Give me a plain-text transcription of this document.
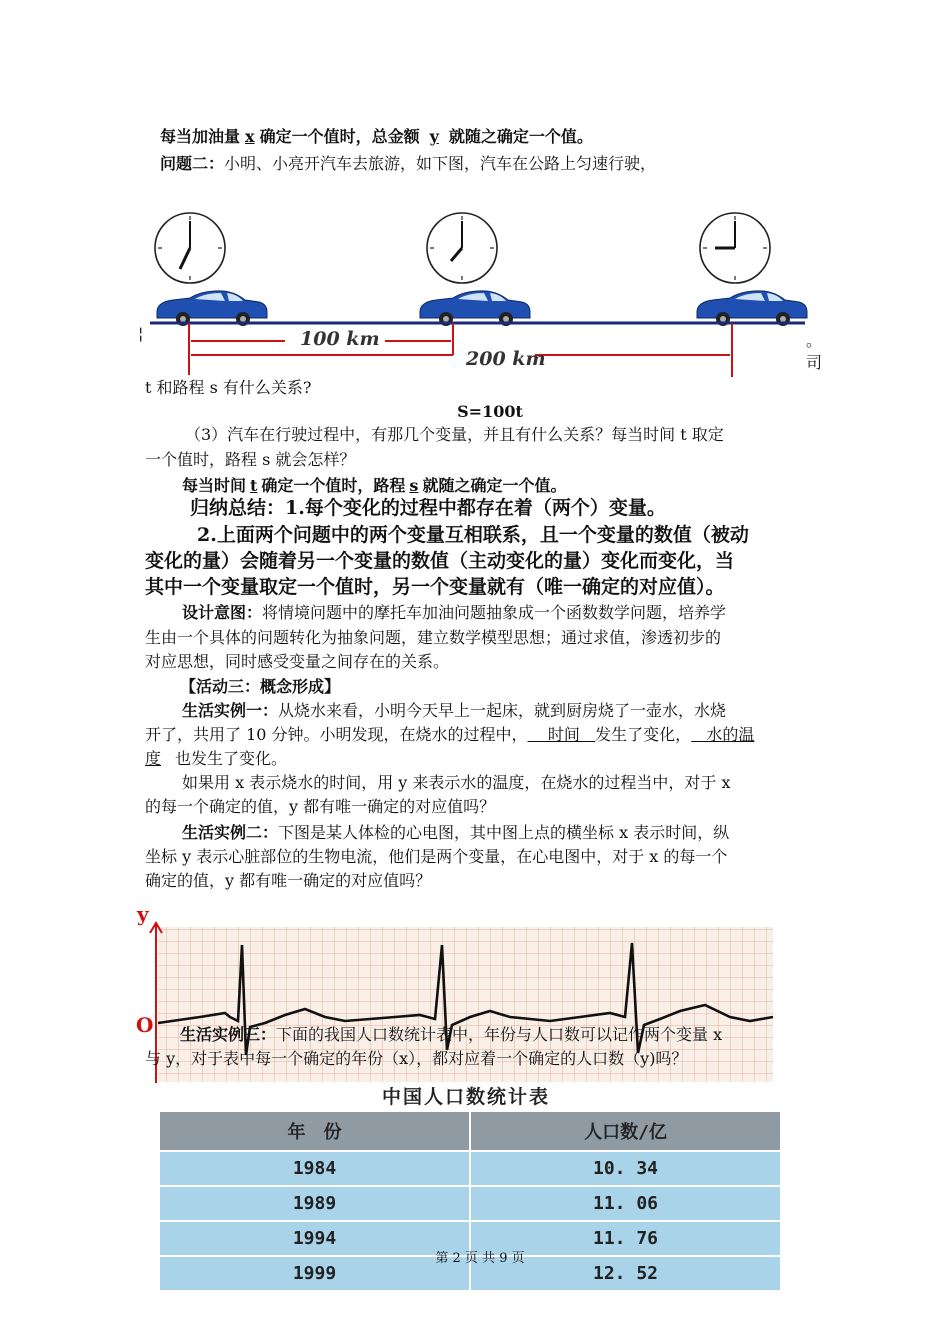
每当加油量 x 确定一个值时，总金额 y 就随之确定一个值。
问题二：小明、小亮开汽车去旅游，如下图，汽车在公路上匀速行驶，
100 km
200 km
¦	。
司
t 和路程 s 有什么关系?
S=100t
（3）汽车在行驶过程中，有那几个变量，并且有什么关系？每当时间 t 取定
一个值时，路程 s 就会怎样？
每当时间 t 确定一个值时，路程 s 就随之确定一个值。
归纳总结：1.每个变化的过程中都存在着（两个）变量。
2.上面两个问题中的两个变量互相联系，且一个变量的数值（被动
变化的量）会随着另一个变量的数值（主动变化的量）变化而变化，当
其中一个变量取定一个值时，另一个变量就有（唯一确定的对应值）。
设计意图：将情境问题中的摩托车加油问题抽象成一个函数数学问题，培养学
生由一个具体的问题转化为抽象问题，建立数学模型思想；通过求值，渗透初步的
对应思想，同时感受变量之间存在的关系。
【活动三：概念形成】
生活实例一：从烧水来看，小明今天早上一起床，就到厨房烧了一壶水，水烧
开了，共用了 10 分钟。小明发现，在烧水的过程中，    时间   发生了变化，   水的温
度 也发生了变化。
如果用 x 表示烧水的时间，用 y 来表示水的温度，在烧水的过程当中，对于 x
的每一个确定的值，y 都有唯一确定的对应值吗？
生活实例二：下图是某人体检的心电图，其中图上点的横坐标 x 表示时间，纵
坐标 y 表示心脏部位的生物电流，他们是两个变量，在心电图中，对于 x 的每一个
确定的值，y 都有唯一确定的对应值吗？
y
O 生活实例三：下面的我国人口数统计表中，年份与人口数可以记作两个变量 x
与 y，对于表中每一个确定的年份（x），都对应着一个确定的人口数（y)吗？
中国人口数统计表
年　份	人口数/亿
1984	10. 34
1989	11. 06
1994	11. 76
1999	12. 52
第 2 页 共 9 页
